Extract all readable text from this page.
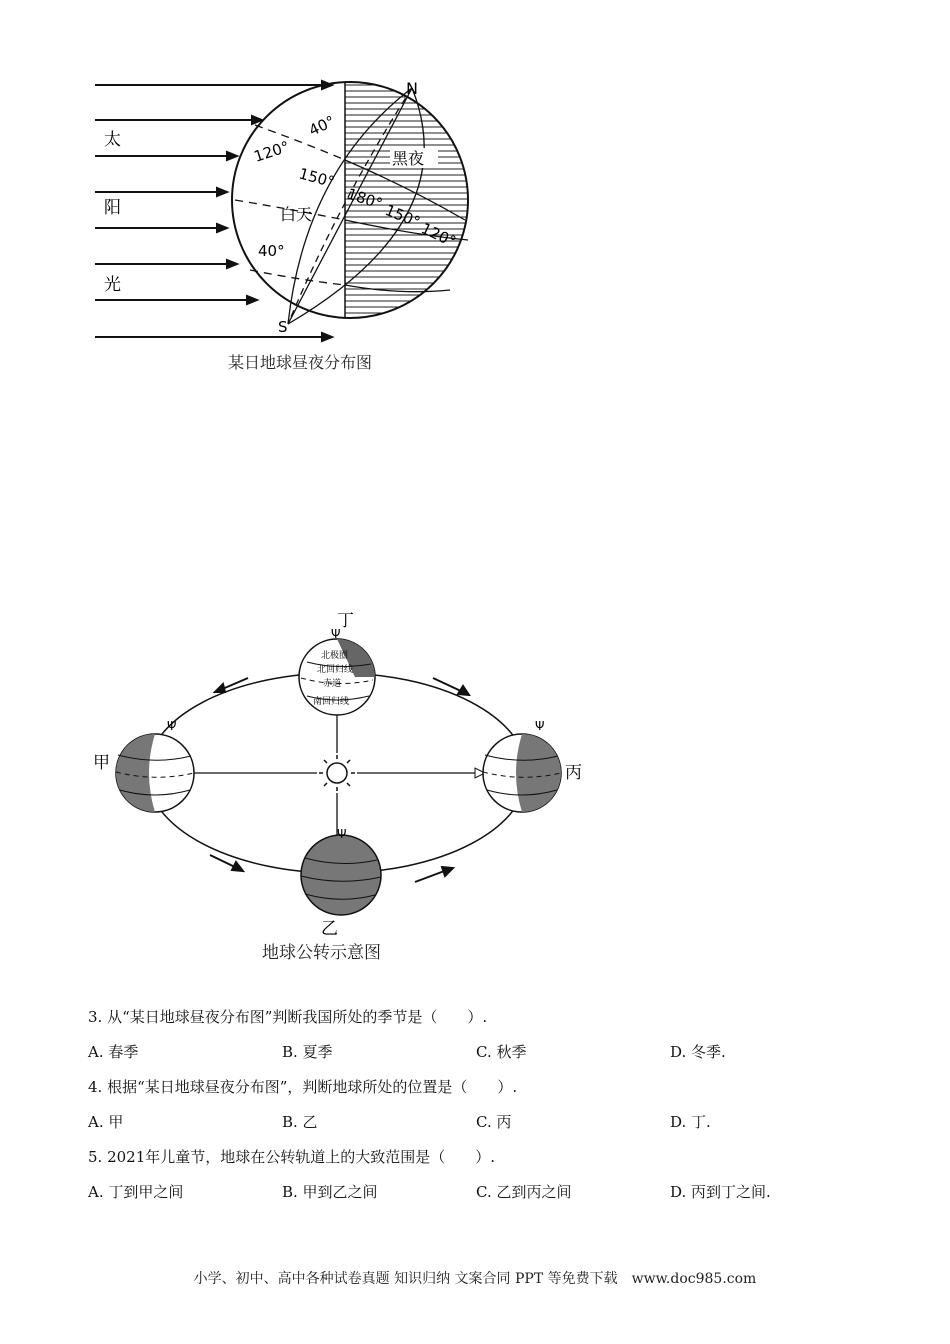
太
阳
光
N
S
白天
黑夜
40°
120°
150°
180°
150°
120°
40°
某日地球昼夜分布图
北极圈
北回归线
赤道
南回归线
Ψ
Ψ	Ψ
Ψ
甲
乙
丙
丁
地球公转示意图
3. 从“某日地球昼夜分布图”判断我国所处的季节是（　　）.
A. 春季	B. 夏季	C. 秋季	D. 冬季.
4. 根据“某日地球昼夜分布图”，判断地球所处的位置是（　　）.
A. 甲	B. 乙	C. 丙	D. 丁.
5. 2021年儿童节，地球在公转轨道上的大致范围是（　　）.
A. 丁到甲之间	B. 甲到乙之间	C. 乙到丙之间	D. 丙到丁之间.
小学、初中、高中各种试卷真题 知识归纳 文案合同 PPT 等免费下载　www.doc985.com
